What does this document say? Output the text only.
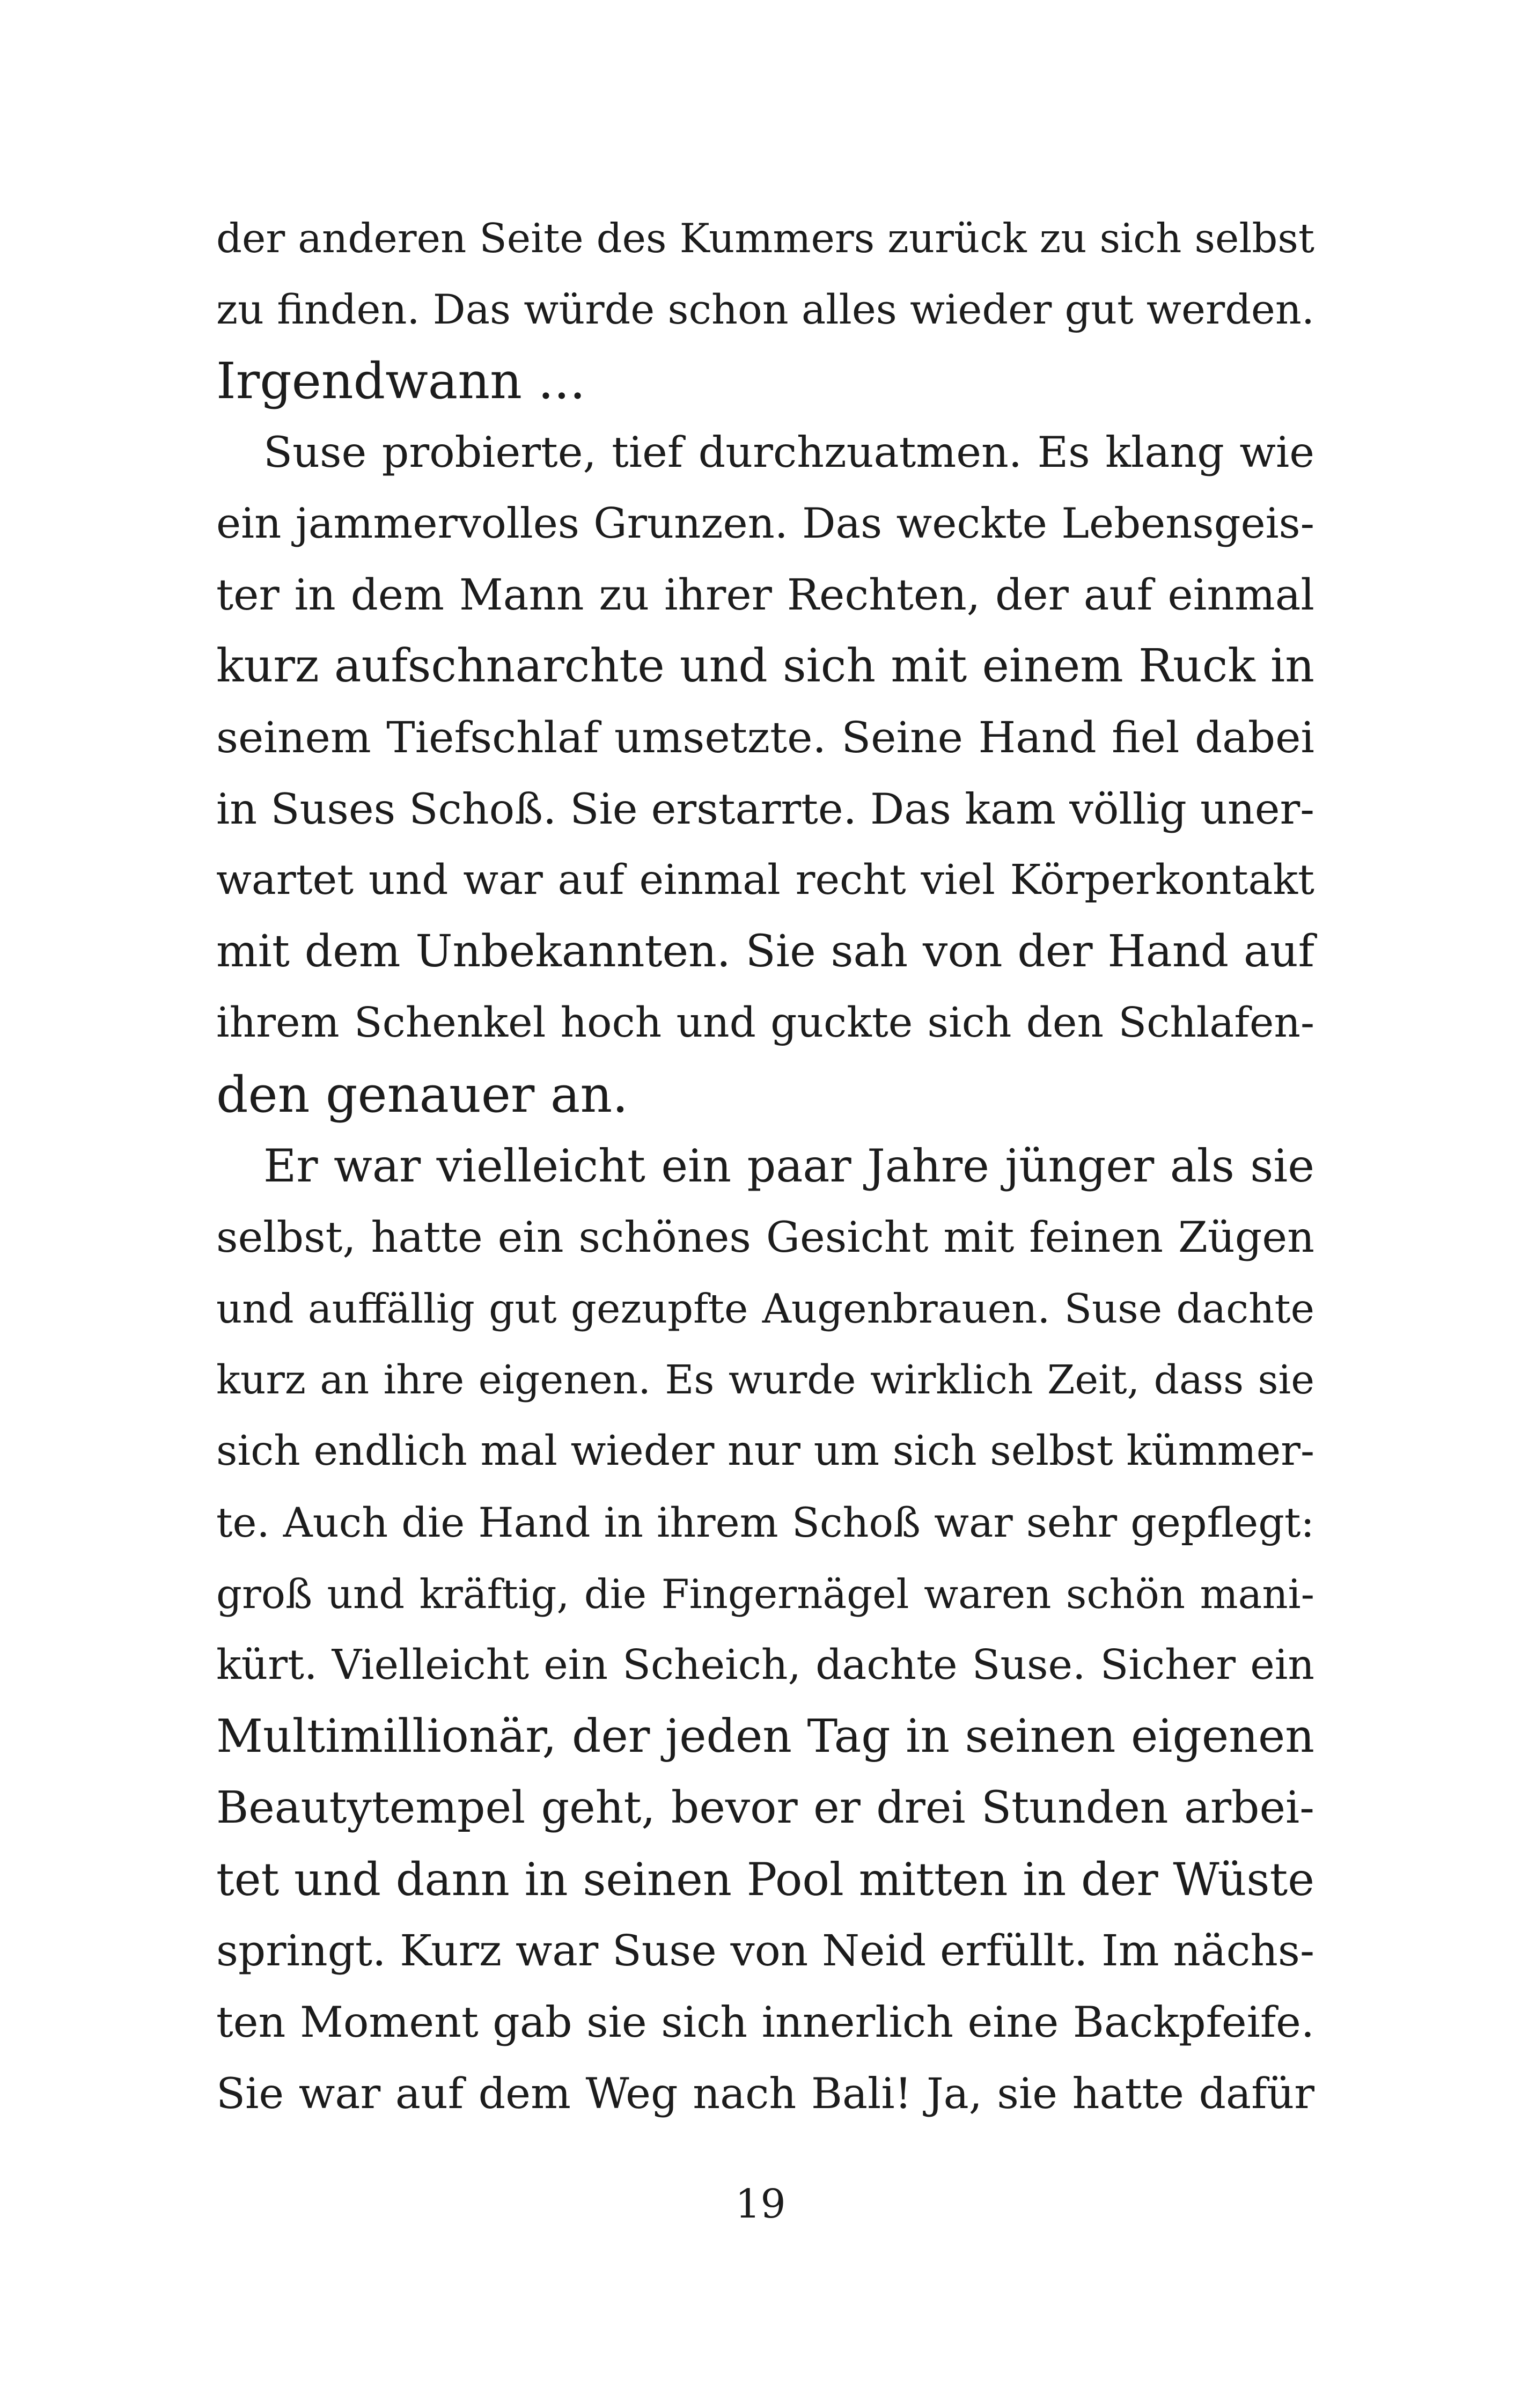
der anderen Seite des Kummers zurück zu sich selbst
zu finden. Das würde schon alles wieder gut werden.
Irgendwann ...
Suse probierte, tief durchzuatmen. Es klang wie
ein jammervolles Grunzen. Das weckte Lebensgeis-
ter in dem Mann zu ihrer Rechten, der auf einmal
kurz aufschnarchte und sich mit einem Ruck in
seinem Tiefschlaf umsetzte. Seine Hand fiel dabei
in Suses Schoß. Sie erstarrte. Das kam völlig uner-
wartet und war auf einmal recht viel Körperkontakt
mit dem Unbekannten. Sie sah von der Hand auf
ihrem Schenkel hoch und guckte sich den Schlafen-
den genauer an.
Er war vielleicht ein paar Jahre jünger als sie
selbst, hatte ein schönes Gesicht mit feinen Zügen
und auffällig gut gezupfte Augenbrauen. Suse dachte
kurz an ihre eigenen. Es wurde wirklich Zeit, dass sie
sich endlich mal wieder nur um sich selbst kümmer-
te. Auch die Hand in ihrem Schoß war sehr gepflegt:
groß und kräftig, die Fingernägel waren schön mani-
kürt. Vielleicht ein Scheich, dachte Suse. Sicher ein
Multimillionär, der jeden Tag in seinen eigenen
Beautytempel geht, bevor er drei Stunden arbei-
tet und dann in seinen Pool mitten in der Wüste
springt. Kurz war Suse von Neid erfüllt. Im nächs-
ten Moment gab sie sich innerlich eine Backpfeife.
Sie war auf dem Weg nach Bali! Ja, sie hatte dafür
19
